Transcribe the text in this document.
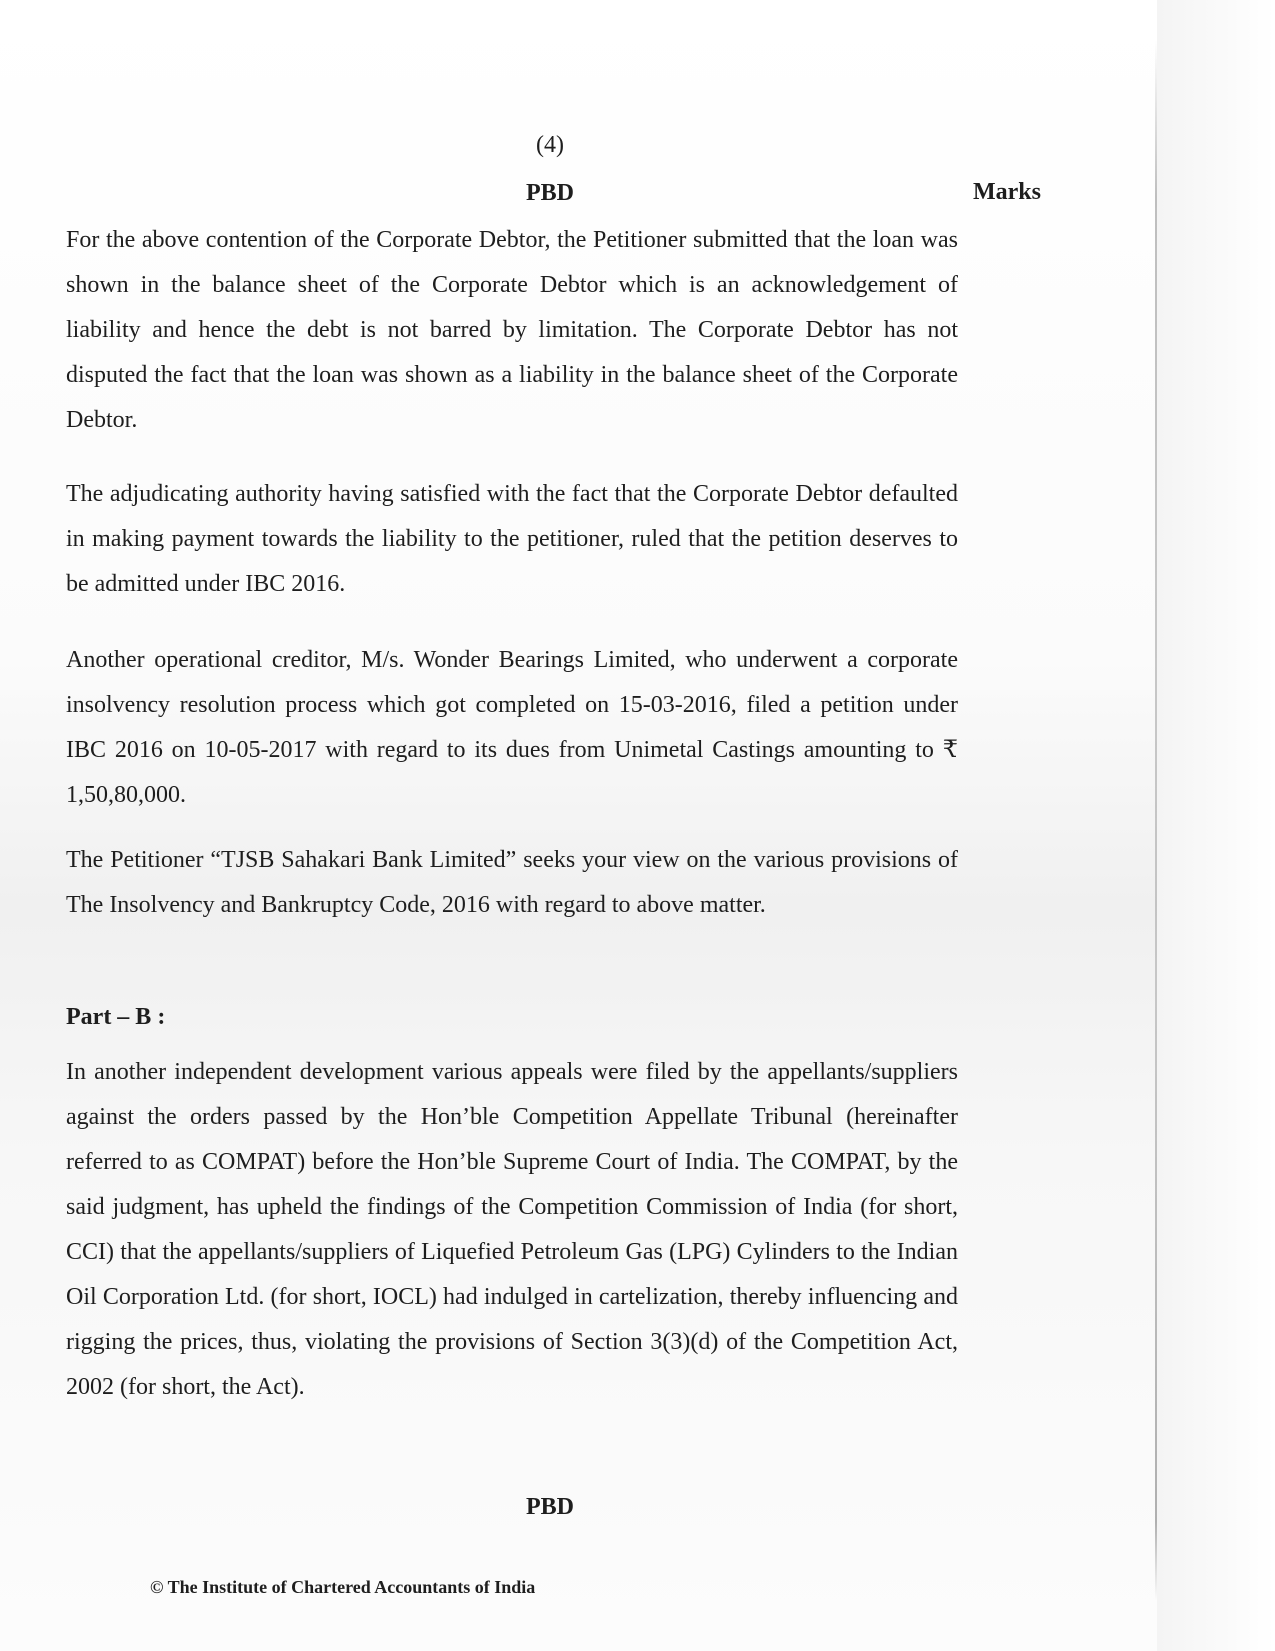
(4)
PBD	Marks

For the above contention of the Corporate Debtor, the Petitioner submitted that the loan was shown in the balance sheet of the Corporate Debtor which is an acknowledgement of liability and hence the debt is not barred by limitation. The Corporate Debtor has not disputed the fact that the loan was shown as a liability in the balance sheet of the Corporate Debtor.

The adjudicating authority having satisfied with the fact that the Corporate Debtor defaulted in making payment towards the liability to the petitioner, ruled that the petition deserves to be admitted under IBC 2016.

Another operational creditor, M/s. Wonder Bearings Limited, who underwent a corporate insolvency resolution process which got completed on 15-03-2016, filed a petition under IBC 2016 on 10-05-2017 with regard to its dues from Unimetal Castings amounting to ₹ 1,50,80,000.

The Petitioner “TJSB Sahakari Bank Limited” seeks your view on the various provisions of The Insolvency and Bankruptcy Code, 2016 with regard to above matter.

Part – B :

In another independent development various appeals were filed by the appellants/suppliers against the orders passed by the Hon’ble Competition Appellate Tribunal (hereinafter referred to as COMPAT) before the Hon’ble Supreme Court of India. The COMPAT, by the said judgment, has upheld the findings of the Competition Commission of India (for short, CCI) that the appellants/suppliers of Liquefied Petroleum Gas (LPG) Cylinders to the Indian Oil Corporation Ltd. (for short, IOCL) had indulged in cartelization, thereby influencing and rigging the prices, thus, violating the provisions of Section 3(3)(d) of the Competition Act, 2002 (for short, the Act).

PBD
© The Institute of Chartered Accountants of India
